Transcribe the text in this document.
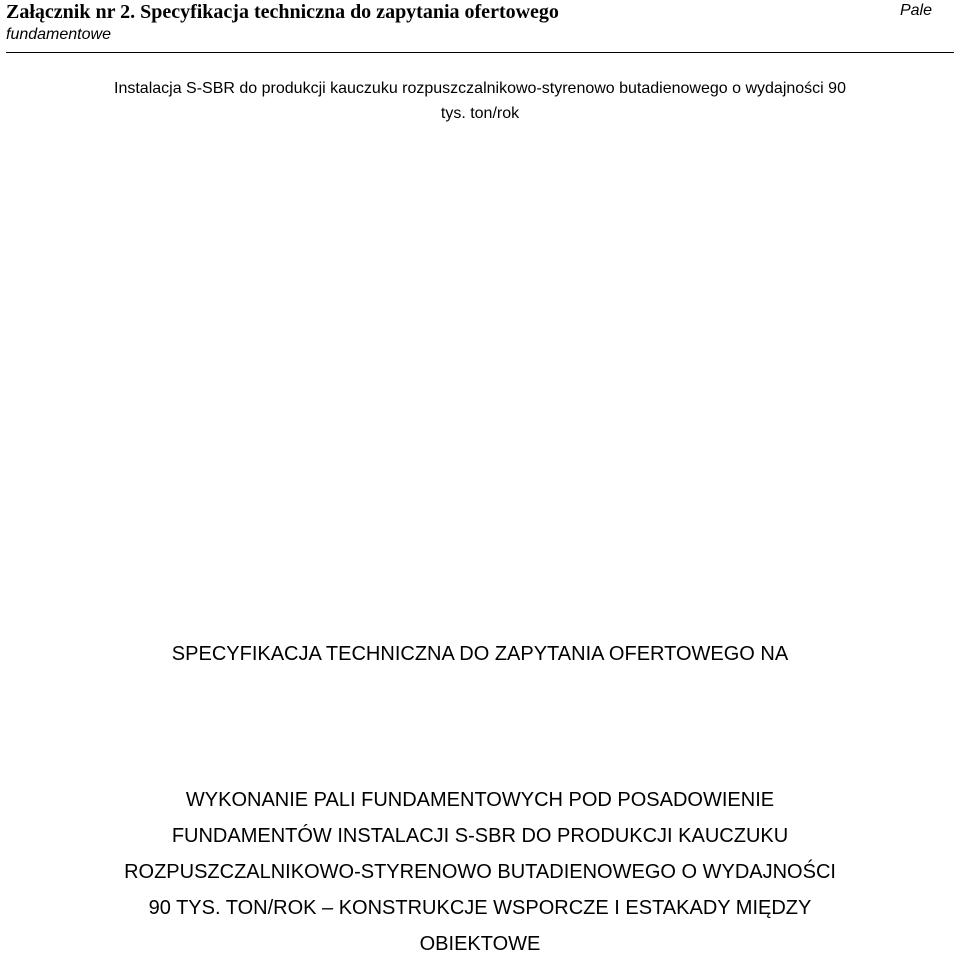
Załącznik nr 2. Specyfikacja techniczna do zapytania ofertowego
fundamentowe
Pale
Instalacja S-SBR do produkcji kauczuku rozpuszczalnikowo-styrenowo butadienowego o wydajności 90
tys. ton/rok
SPECYFIKACJA TECHNICZNA DO ZAPYTANIA OFERTOWEGO NA
WYKONANIE PALI FUNDAMENTOWYCH POD POSADOWIENIE
FUNDAMENTÓW INSTALACJI S-SBR DO PRODUKCJI KAUCZUKU
ROZPUSZCZALNIKOWO-STYRENOWO BUTADIENOWEGO O WYDAJNOŚCI
90 TYS. TON/ROK – KONSTRUKCJE WSPORCZE I ESTAKADY MIĘDZY
OBIEKTOWE
